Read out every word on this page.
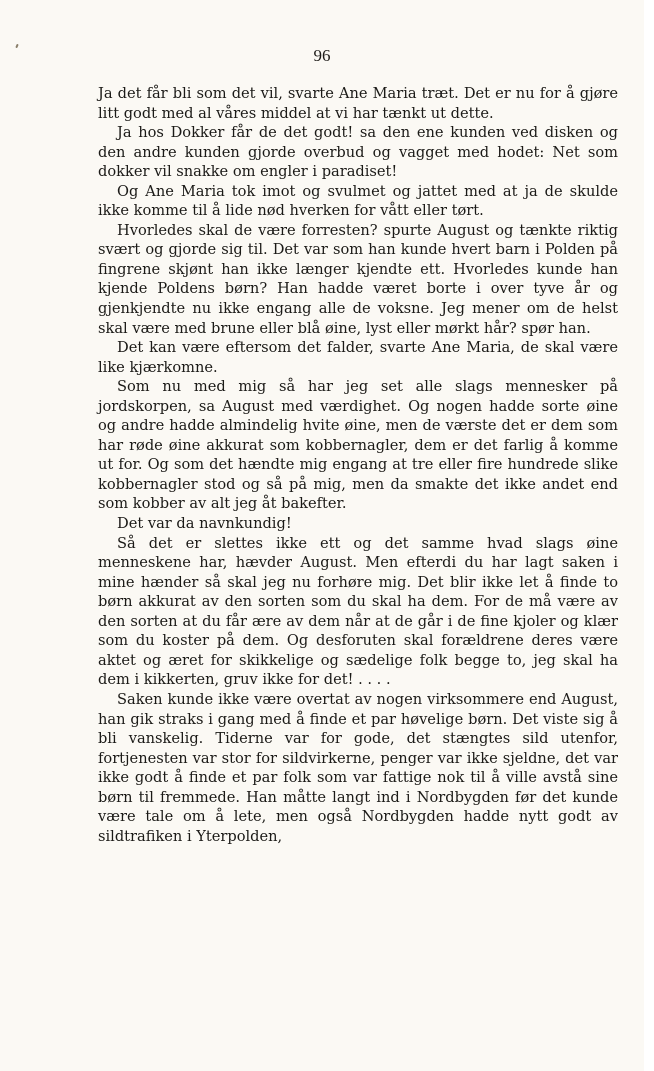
96

Ja det får bli som det vil, svarte Ane Maria træt. Det er nu for å gjøre litt godt med al våres middel at vi har tænkt ut dette.

Ja hos Dokker får de det godt! sa den ene kunden ved disken og den andre kunden gjorde overbud og vagget med hodet: Net som dokker vil snakke om engler i paradiset!

Og Ane Maria tok imot og svulmet og jattet med at ja de skulde ikke komme til å lide nød hverken for vått eller tørt.

Hvorledes skal de være forresten? spurte August og tænkte riktig svært og gjorde sig til. Det var som han kunde hvert barn i Polden på fingrene skjønt han ikke længer kjendte ett. Hvorledes kunde han kjende Poldens børn? Han hadde været borte i over tyve år og gjenkjendte nu ikke engang alle de voksne. Jeg mener om de helst skal være med brune eller blå øine, lyst eller mørkt hår? spør han.

Det kan være eftersom det falder, svarte Ane Maria, de skal være like kjærkomne.

Som nu med mig så har jeg set alle slags mennesker på jordskorpen, sa August med værdighet. Og nogen hadde sorte øine og andre hadde almindelig hvite øine, men de værste det er dem som har røde øine akkurat som kobbernagler, dem er det farlig å komme ut for. Og som det hændte mig engang at tre eller fire hundrede slike kobbernagler stod og så på mig, men da smakte det ikke andet end som kobber av alt jeg åt bakefter.

Det var da navnkundig!

Så det er slettes ikke ett og det samme hvad slags øine menneskene har, hævder August. Men efterdi du har lagt saken i mine hænder så skal jeg nu forhøre mig. Det blir ikke let å finde to børn akkurat av den sorten som du skal ha dem. For de må være av den sorten at du får ære av dem når at de går i de fine kjoler og klær som du koster på dem. Og desforuten skal forældrene deres være aktet og æret for skikkelige og sædelige folk begge to, jeg skal ha dem i kikkerten, gruv ikke for det! . . . .

Saken kunde ikke være overtat av nogen virksommere end August, han gik straks i gang med å finde et par høvelige børn. Det viste sig å bli vanskelig. Tiderne var for gode, det stængtes sild utenfor, fortjenesten var stor for sildvirkerne, penger var ikke sjeldne, det var ikke godt å finde et par folk som var fattige nok til å ville avstå sine børn til fremmede. Han måtte langt ind i Nordbygden før det kunde være tale om å lete, men også Nordbygden hadde nytt godt av sildtrafiken i Yterpolden,
